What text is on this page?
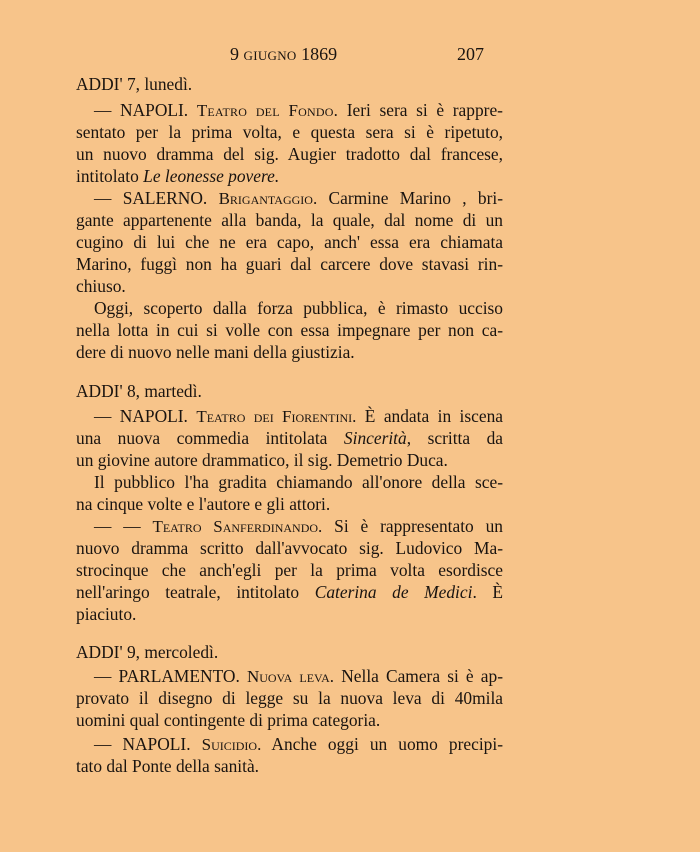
9 GIUGNO 1869	207
ADDI' 7, lunedì.
— NAPOLI. Teatro del Fondo. Ieri sera si è rappre-
sentato per la prima volta, e questa sera si è ripetuto,
un nuovo dramma del sig. Augier tradotto dal francese,
intitolato Le leonesse povere.
— SALERNO. Brigantaggio. Carmine Marino , bri-
gante appartenente alla banda, la quale, dal nome di un
cugino di lui che ne era capo, anch' essa era chiamata
Marino, fuggì non ha guari dal carcere dove stavasi rin-
chiuso.
Oggi, scoperto dalla forza pubblica, è rimasto ucciso
nella lotta in cui si volle con essa impegnare per non ca-
dere di nuovo nelle mani della giustizia.
ADDI' 8, martedì.
— NAPOLI. Teatro dei Fiorentini. È andata in iscena
una nuova commedia intitolata Sincerità, scritta da
un giovine autore drammatico, il sig. Demetrio Duca.
Il pubblico l'ha gradita chiamando all'onore della sce-
na cinque volte e l'autore e gli attori.
— — Teatro Sanferdinando. Si è rappresentato un
nuovo dramma scritto dall'avvocato sig. Ludovico Ma-
strocinque che anch'egli per la prima volta esordisce
nell'aringo teatrale, intitolato Caterina de Medici. È
piaciuto.
ADDI' 9, mercoledì.
— PARLAMENTO. Nuova leva. Nella Camera si è ap-
provato il disegno di legge su la nuova leva di 40mila
uomini qual contingente di prima categoria.
— NAPOLI. Suicidio. Anche oggi un uomo precipi-
tato dal Ponte della sanità.
